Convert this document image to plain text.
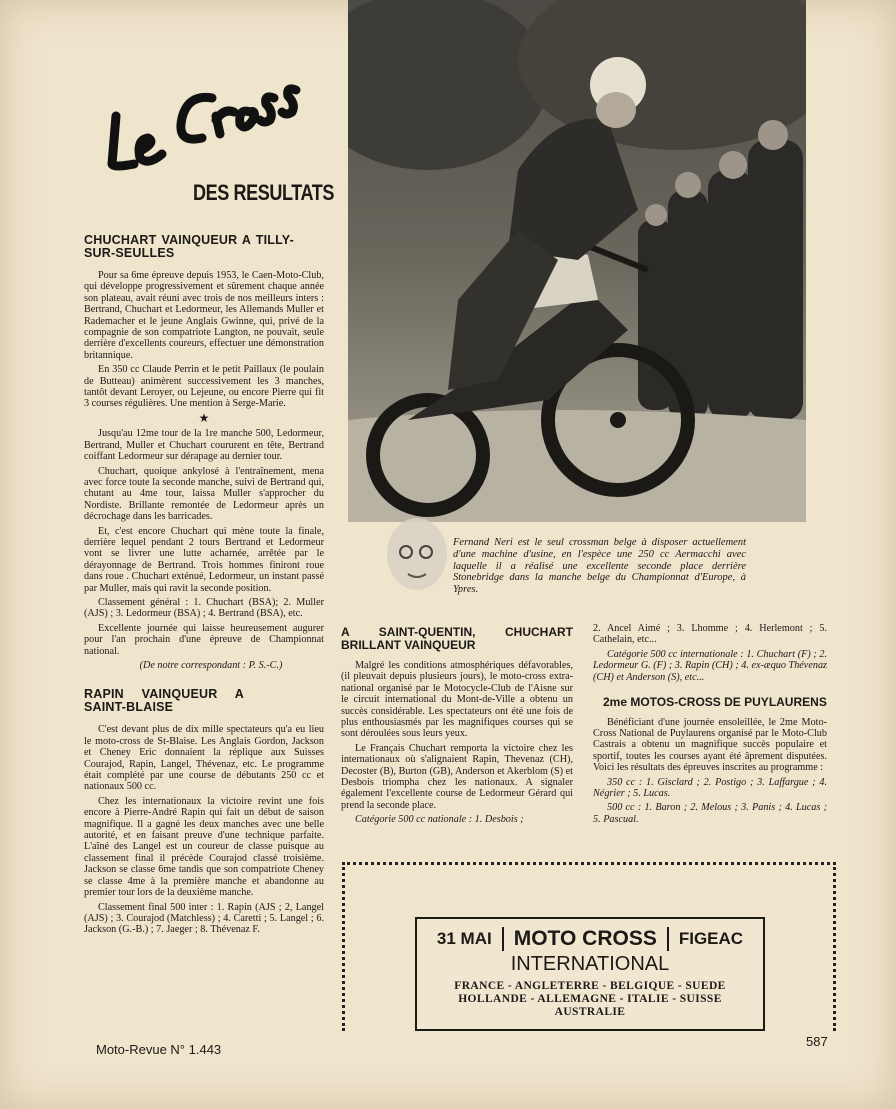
DES RESULTATS
CHUCHART VAINQUEUR A TILLY-SUR-SEULLES

Pour sa 6me épreuve depuis 1953, le Caen-Moto-Club, qui développe progressivement et sûrement chaque année son plateau, avait réuni avec trois de nos meilleurs inters : Bertrand, Chuchart et Ledormeur, les Allemands Muller et Rademacher et le jeune Anglais Gwinne, qui, privé de la compagnie de son compatriote Langton, ne pouvait, seule derrière d'excellents coureurs, effectuer une démonstration britannique.

En 350 cc Claude Perrin et le petit Paillaux (le poulain de Butteau) animèrent successivement les 3 manches, tantôt devant Leroyer, ou Lejeune, ou encore Pierre qui fit 3 courses régulières. Une mention à Serge-Marie.

★

Jusqu'au 12me tour de la 1re manche 500, Ledormeur, Bertrand, Muller et Chuchart coururent en tête, Bertrand coiffant Ledormeur sur dérapage au dernier tour.

Chuchart, quoique ankylosé à l'entraînement, mena avec force toute la seconde manche, suivi de Bertrand qui, chutant au 4me tour, laissa Muller s'approcher du Nordiste. Brillante remontée de Ledormeur après un décrochage dans les barricades.

Et, c'est encore Chuchart qui mène toute la finale, derrière lequel pendant 2 tours Bertrand et Ledormeur vont se livrer une lutte acharnée, arrêtée par le dérayonnage de Bertrand. Trois hommes finiront roue dans roue . Chuchart exténué, Ledormeur, un instant passé par Muller, mais qui ravit la seconde position.

Classement général : 1. Chuchart (BSA); 2. Muller (AJS) ; 3. Ledormeur (BSA) ; 4. Bertrand (BSA), etc.

Excellente journée qui laisse heureusement augurer pour l'an prochain d'une épreuve de Championnat national.

(De notre correspondant : P. S.-C.)

RAPIN VAINQUEUR A SAINT-BLAISE

C'est devant plus de dix mille spectateurs qu'a eu lieu le moto-cross de St-Blaise. Les Anglais Gordon, Jackson et Cheney Eric donnaient la réplique aux Suisses Courajod, Rapin, Langel, Thévenaz, etc. Le programme était complété par une course de débutants 250 cc et nationaux 500 cc.

Chez les internationaux la victoire revint une fois encore à Pierre-André Rapin qui fait un début de saison magnifique. Il a gagné les deux manches avec une belle autorité, et en faisant preuve d'une technique parfaite. L'aîné des Langel est un coureur de classe puisque au classement final il précède Courajod classé troisième. Jackson se classe 6me tandis que son compatriote Cheney se classe 4me à la première manche et abandonne au premier tour lors de la deuxième manche.

Classement final 500 inter : 1. Rapin (AJS ; 2, Langel (AJS) ; 3. Courajod (Matchless) ; 4. Caretti ; 5. Langel ; 6. Jackson (G.-B.) ; 7. Jaeger ; 8. Thévenaz F.

Fernand Neri est le seul crossman belge à disposer actuellement d'une machine d'usine, en l'espèce une 250 cc Aermacchi avec laquelle il a réalisé une excellente seconde place derrière Stonebridge dans la manche belge du Championnat d'Europe, à Ypres.
A SAINT-QUENTIN, CHUCHART BRILLANT VAINQUEUR

Malgré les conditions atmosphériques défavorables, (il pleuvait depuis plusieurs jours), le moto-cross extra-national organisé par le Motocycle-Club de l'Aisne sur le circuit international du Mont-de-Ville a obtenu un succès considérable. Les spectateurs ont été une fois de plus enthousiasmés par les magnifiques courses qui se sont déroulées sous leurs yeux.

Le Français Chuchart remporta la victoire chez les internationaux où s'alignaient Rapin, Thevenaz (CH), Decoster (B), Burton (GB), Anderson et Akerblom (S) et Desbois triompha chez les nationaux. A signaler également l'excellente course de Ledormeur Gérard qui prend la seconde place.

Catégorie 500 cc nationale : 1. Desbois ;

2. Ancel Aimé ; 3. Lhomme ; 4. Herlemont ; 5. Cathelain, etc...

Catégorie 500 cc internationale : 1. Chuchart (F) ; 2. Ledormeur G. (F) ; 3. Rapin (CH) ; 4. ex-æquo Thévenaz (CH) et Anderson (S), etc...

2me MOTOS-CROSS DE PUYLAURENS

Bénéficiant d'une journée ensoleillée, le 2me Moto-Cross National de Puylaurens organisé par le Moto-Club Castrais a obtenu un magnifique succès populaire et sportif, toutes les courses ayant été âprement disputées. Voici les résultats des épreuves inscrites au programme :

350 cc : 1. Gisclard ; 2. Postigo ; 3. Laffargue ; 4. Négrier ; 5. Lucas.

500 cc : 1. Baron ; 2. Melous ; 3. Panis ; 4. Lucas ; 5. Pascual.

31 MAI	MOTO CROSS	FIGEAC
INTERNATIONAL
FRANCE - ANGLETERRE - BELGIQUE - SUEDE
HOLLANDE - ALLEMAGNE - ITALIE - SUISSE
AUSTRALIE
Moto-Revue N° 1.443
587
